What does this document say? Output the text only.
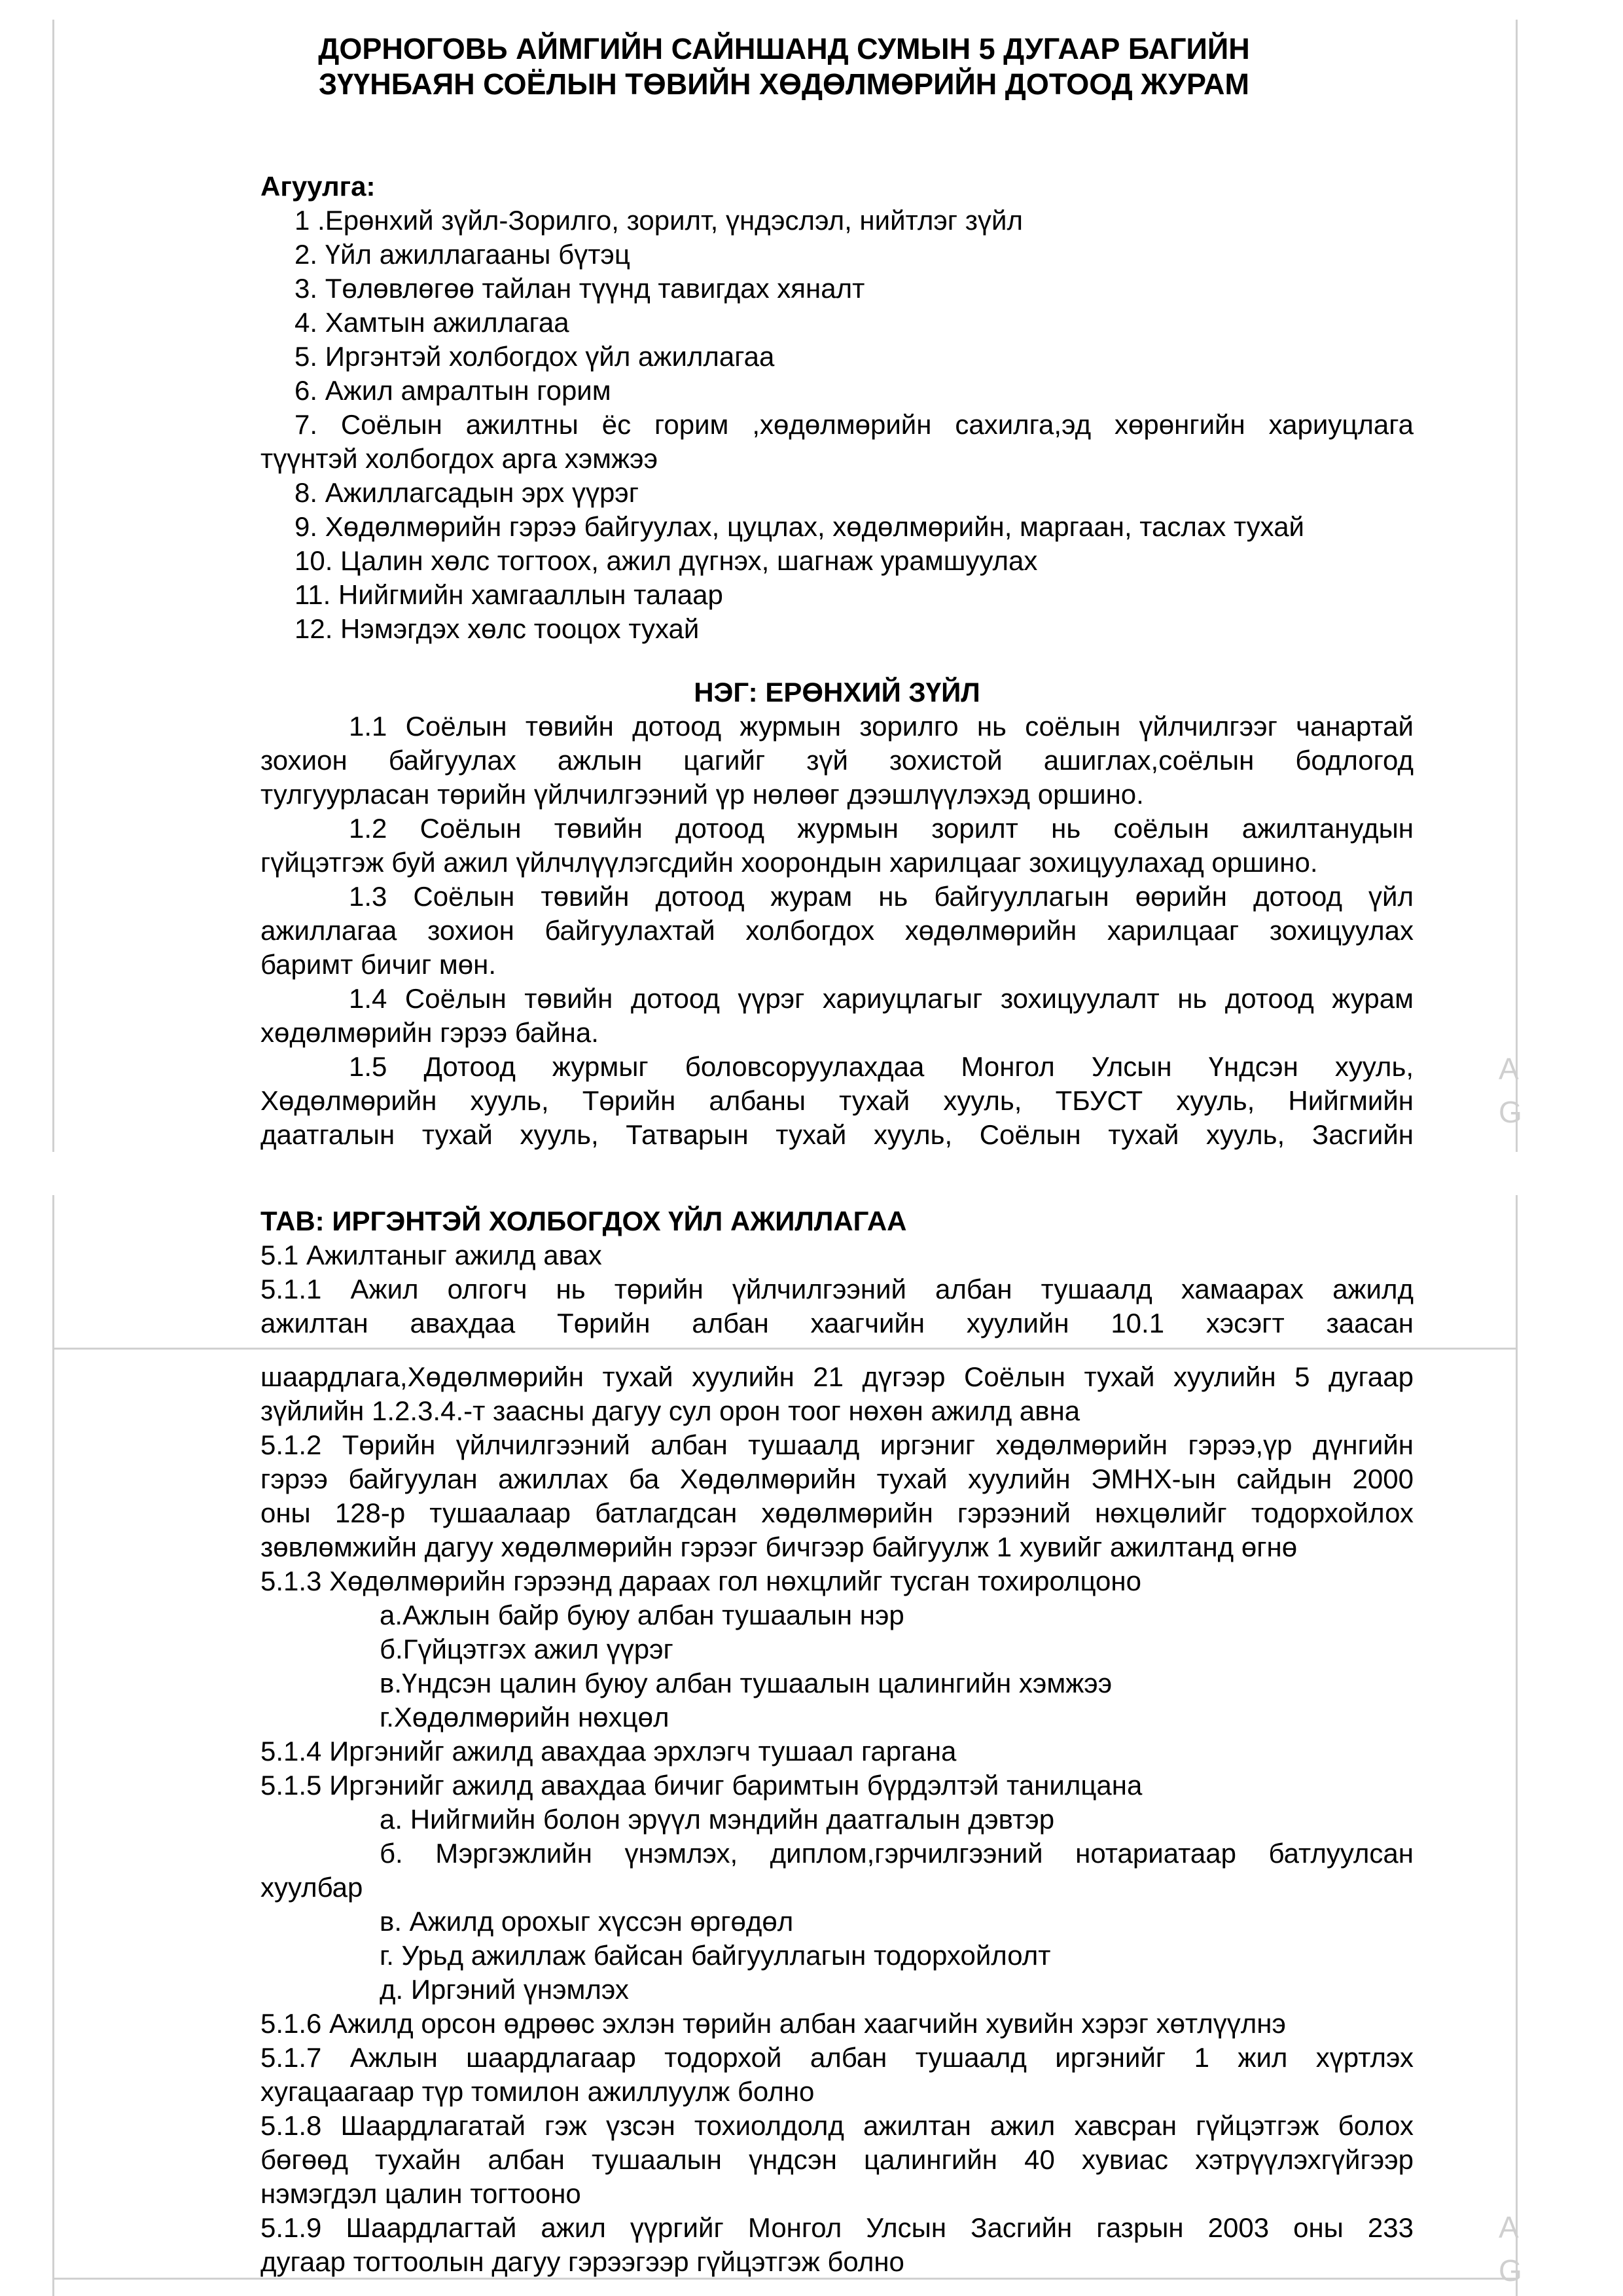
А
G
А
G
ДОРНОГОВЬ АЙМГИЙН САЙНШАНД СУМЫН 5 ДУГААР БАГИЙН
ЗҮҮНБАЯН СОЁЛЫН ТӨВИЙН ХӨДӨЛМӨРИЙН ДОТООД ЖУРАМ
Агуулга:
1 .Ерөнхий зүйл-Зорилго, зорилт, үндэслэл, нийтлэг зүйл
2. Үйл ажиллагааны бүтэц
3. Төлөвлөгөө тайлан түүнд тавигдах хяналт
4. Хамтын ажиллагаа
5. Иргэнтэй холбогдох үйл ажиллагаа
6. Ажил амралтын горим
7. Соёлын ажилтны ёс горим ,хөдөлмөрийн сахилга,эд хөрөнгийн хариуцлага
түүнтэй холбогдох арга хэмжээ
8. Ажиллагсадын эрх үүрэг
9. Хөдөлмөрийн гэрээ байгуулах, цуцлах, хөдөлмөрийн, маргаан, таслах тухай
10. Цалин хөлс тогтоох, ажил дүгнэх, шагнаж урамшуулах
11. Нийгмийн хамгааллын талаар
12. Нэмэгдэх хөлс тооцох тухай
НЭГ: ЕРӨНХИЙ ЗҮЙЛ
1.1 Соёлын төвийн дотоод журмын зорилго нь соёлын үйлчилгээг чанартай
зохион байгуулах ажлын цагийг зүй зохистой ашиглах,соёлын бодлогод
тулгуурласан төрийн үйлчилгээний үр нөлөөг дээшлүүлэхэд оршино.
1.2 Соёлын төвийн дотоод журмын зорилт нь соёлын ажилтанудын
гүйцэтгэж буй ажил үйлчлүүлэгсдийн хоорондын харилцааг зохицуулахад оршино.
1.3 Соёлын төвийн дотоод журам нь байгууллагын өөрийн дотоод үйл
ажиллагаа зохион байгуулахтай холбогдох хөдөлмөрийн харилцааг зохицуулах
баримт бичиг мөн.
1.4 Соёлын төвийн дотоод үүрэг хариуцлагыг зохицуулалт нь дотоод журам
хөдөлмөрийн гэрээ байна.
1.5 Дотоод журмыг боловсоруулахдаа Монгол Улсын Үндсэн хууль,
Хөдөлмөрийн хууль, Төрийн албаны тухай хууль, ТБУСТ хууль, Нийгмийн
даатгалын тухай хууль, Татварын тухай хууль, Соёлын тухай хууль, Засгийн
ТАВ: ИРГЭНТЭЙ ХОЛБОГДОХ ҮЙЛ АЖИЛЛАГАА
5.1 Ажилтаныг ажилд авах
5.1.1 Ажил олгогч нь төрийн үйлчилгээний албан тушаалд хамаарах ажилд
ажилтан авахдаа Төрийн албан хаагчийн хуулийн 10.1 хэсэгт заасан
шаардлага,Хөдөлмөрийн тухай хуулийн 21 дүгээр Соёлын тухай хуулийн 5 дугаар
зүйлийн 1.2.3.4.-т заасны дагуу сул орон тоог нөхөн ажилд авна
5.1.2 Төрийн үйлчилгээний албан тушаалд иргэниг хөдөлмөрийн гэрээ,үр дүнгийн
гэрээ байгуулан ажиллах ба Хөдөлмөрийн тухай хуулийн ЭМНХ-ын сайдын 2000
оны 128-р тушаалаар батлагдсан хөдөлмөрийн гэрээний нөхцөлийг тодорхойлох
зөвлөмжийн дагуу хөдөлмөрийн гэрээг бичгээр байгуулж 1 хувийг ажилтанд өгнө
5.1.3 Хөдөлмөрийн гэрээнд дараах гол нөхцлийг тусган тохиролцоно
а.Ажлын байр буюу албан тушаалын нэр
б.Гүйцэтгэх ажил үүрэг
в.Үндсэн цалин буюу албан тушаалын цалингийн хэмжээ
г.Хөдөлмөрийн нөхцөл
5.1.4 Иргэнийг ажилд авахдаа эрхлэгч тушаал гаргана
5.1.5 Иргэнийг ажилд авахдаа бичиг баримтын бүрдэлтэй танилцана
а. Нийгмийн болон эрүүл мэндийн даатгалын дэвтэр
б. Мэргэжлийн үнэмлэх, диплом,гэрчилгээний нотариатаар батлуулсан
хуулбар
в. Ажилд орохыг хүссэн өргөдөл
г. Урьд ажиллаж байсан байгууллагын тодорхойлолт
д. Иргэний үнэмлэх
5.1.6 Ажилд орсон өдрөөс эхлэн төрийн албан хаагчийн хувийн хэрэг хөтлүүлнэ
5.1.7 Ажлын шаардлагаар тодорхой албан тушаалд иргэнийг 1 жил хүртлэх
хугацаагаар түр томилон ажиллуулж болно
5.1.8 Шаардлагатай гэж үзсэн тохиолдолд ажилтан ажил хавсран гүйцэтгэж болох
бөгөөд тухайн албан тушаалын үндсэн цалингийн 40 хувиас хэтрүүлэхгүйгээр
нэмэгдэл цалин тогтооно
5.1.9 Шаардлагтай ажил үүргийг Монгол Улсын Засгийн газрын 2003 оны 233
дугаар тогтоолын дагуу гэрээгээр гүйцэтгэж болно
